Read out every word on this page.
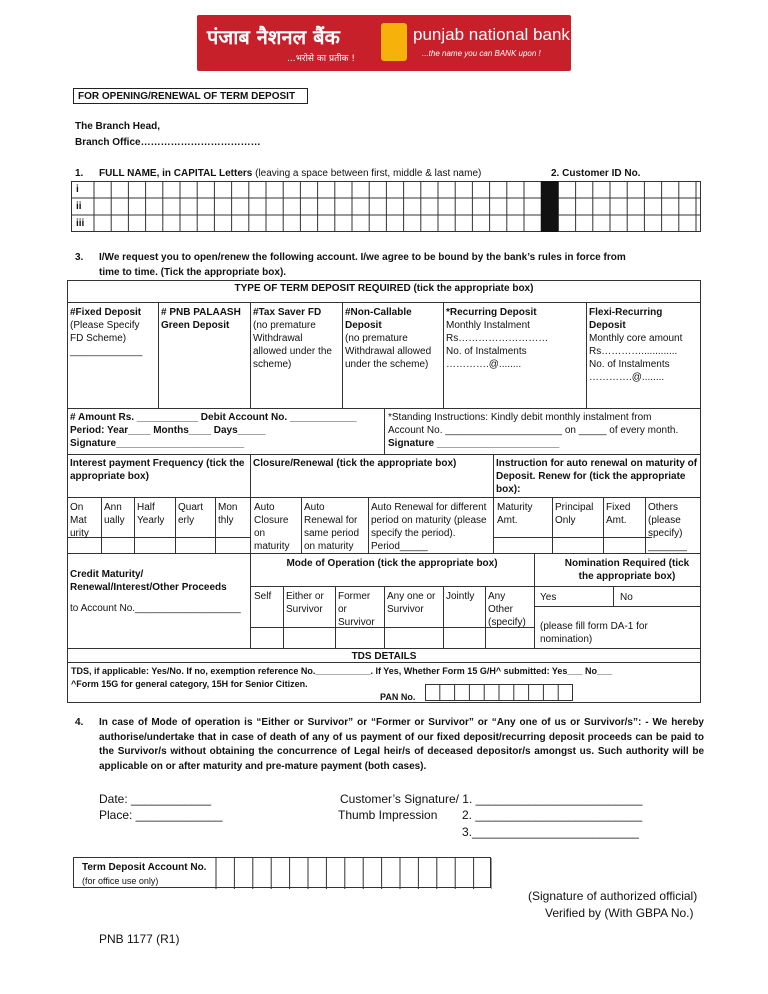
पंजाब नैशनल बैंक
...भरोसे का प्रतीक !
punjab national bank
...the name you can BANK upon !
FOR OPENING/RENEWAL OF TERM DEPOSIT
The Branch Head,
Branch Office………………………………
1. FULL NAME, in CAPITAL Letters (leaving a space between first, middle & last name)	2. Customer ID No.
i
ii
iii
3. I/We request you to open/renew the following account. I/we agree to be bound by the bank’s rules in force from
time to time. (Tick the appropriate box).
TYPE OF TERM DEPOSIT REQUIRED (tick the appropriate box)
#Fixed Deposit
(Please Specify FD Scheme)
_____________
# PNB PALAASH Green Deposit
#Tax Saver FD
(no premature Withdrawal allowed under the scheme)
#Non-Callable Deposit
(no premature Withdrawal allowed under the scheme)
*Recurring Deposit
Monthly Instalment Rs………………………
No. of Instalments ………….@........
Flexi-Recurring Deposit
Monthly core amount Rs………….............
No. of Instalments ………….@........
# Amount Rs. ___________ Debit Account No. ____________
Period: Year____ Months____ Days_____
Signature_______________________
*Standing Instructions: Kindly debit monthly instalment from
Account No. _____________________ on _____ of every month.
Signature ______________________
Interest payment Frequency (tick the appropriate box)
Closure/Renewal (tick the appropriate box)	Instruction for auto renewal on maturity of Deposit. Renew for (tick the appropriate box):
On Mat urity
Ann ually
Half Yearly
Quart erly
Mon thly
Auto Closure on maturity
Auto Renewal for same period on maturity
Auto Renewal for different period on maturity (please specify the period). Period_____
Maturity Amt.
Principal Only
Fixed Amt.
Others (please specify) _______
Credit Maturity/
Renewal/Interest/Other Proceeds
to Account No.___________________
Mode of Operation (tick the appropriate box)
Self	Either or Survivor
Former or Survivor
Any one or Survivor
Jointly	Any Other (specify)
Nomination Required (tick the appropriate box)
Yes	No
(please fill form DA-1 for nomination)
TDS DETAILS
TDS, if applicable: Yes/No. If no, exemption reference No.___________. If Yes, Whether Form 15 G/H^ submitted: Yes___ No___
^Form 15G for general category, 15H for Senior Citizen.
PAN No.
4. In case of Mode of operation is “Either or Survivor” or “Former or Survivor” or “Any one of us or Survivor/s”: - We hereby authorise/undertake that in case of death of any of us payment of our fixed deposit/recurring deposit proceeds can be paid to the Survivor/s without obtaining the concurrence of Legal heir/s of deceased depositor/s amongst us. Such authority will be applicable on or after maturity and pre-mature payment (both cases).
Date: ____________
Place: _____________
Customer’s Signature/ 1. _________________________
Thumb Impression 2. _________________________
3._________________________
Term Deposit Account No.
(for office use only)
(Signature of authorized official)
Verified by (With GBPA No.)
PNB 1177 (R1)
